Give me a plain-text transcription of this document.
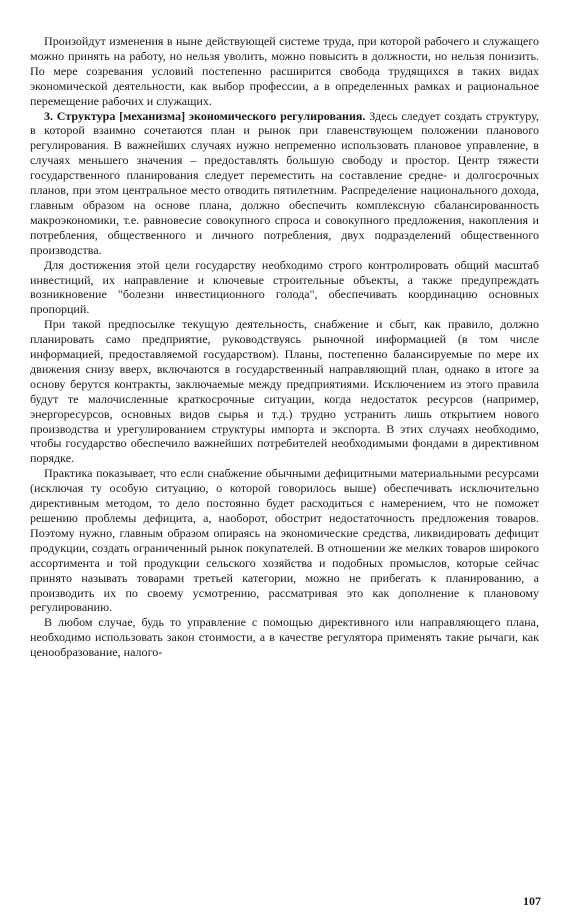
Произойдут изменения в ныне действующей системе труда, при которой рабочего и служащего можно принять на работу, но нельзя уволить, можно повысить в должности, но нельзя понизить. По мере созревания условий постепенно расширится свобода трудящихся в таких видах экономической деятельности, как выбор профессии, а в определенных рамках и рациональное перемещение рабочих и служащих.

3. Структура [механизма] экономического регулирования. Здесь следует создать структуру, в которой взаимно сочетаются план и рынок при главенствующем положении планового регулирования. В важнейших случаях нужно непременно использовать плановое управление, в случаях меньшего значения – предоставлять большую свободу и простор. Центр тяжести государственного планирования следует переместить на составление средне- и долгосрочных планов, при этом центральное место отводить пятилетним. Распределение национального дохода, главным образом на основе плана, должно обеспечить комплексную сбалансированность макроэкономики, т.е. равновесие совокупного спроса и совокупного предложения, накопления и потребления, общественного и личного потребления, двух подразделений общественного производства.

Для достижения этой цели государству необходимо строго контролировать общий масштаб инвестиций, их направление и ключевые строительные объекты, а также предупреждать возникновение "болезни инвестиционного голода", обеспечивать координацию основных пропорций.

При такой предпосылке текущую деятельность, снабжение и сбыт, как правило, должно планировать само предприятие, руководствуясь рыночной информацией (в том числе информацией, предоставляемой государством). Планы, постепенно балансируемые по мере их движения снизу вверх, включаются в государственный направляющий план, однако в итоге за основу берутся контракты, заключаемые между предприятиями. Исключением из этого правила будут те малочисленные краткосрочные ситуации, когда недостаток ресурсов (например, энергоресурсов, основных видов сырья и т.д.) трудно устранить лишь открытием нового производства и урегулированием структуры импорта и экспорта. В этих случаях необходимо, чтобы государство обеспечило важнейших потребителей необходимыми фондами в директивном порядке.

Практика показывает, что если снабжение обычными дефицитными материальными ресурсами (исключая ту особую ситуацию, о которой говорилось выше) обеспечивать исключительно директивным методом, то дело постоянно будет расходиться с намерением, что не поможет решению проблемы дефицита, а, наоборот, обострит недостаточность предложения товаров. Поэтому нужно, главным образом опираясь на экономические средства, ликвидировать дефицит продукции, создать ограниченный рынок покупателей. В отношении же мелких товаров широкого ассортимента и той продукции сельского хозяйства и подобных промыслов, которые сейчас принято называть товарами третьей категории, можно не прибегать к планированию, а производить их по своему усмотрению, рассматривая это как дополнение к плановому регулированию.

В любом случае, будь то управление с помощью директивного или направляющего плана, необходимо использовать закон стоимости, а в качестве регулятора применять такие рычаги, как ценообразование, налого-

107
